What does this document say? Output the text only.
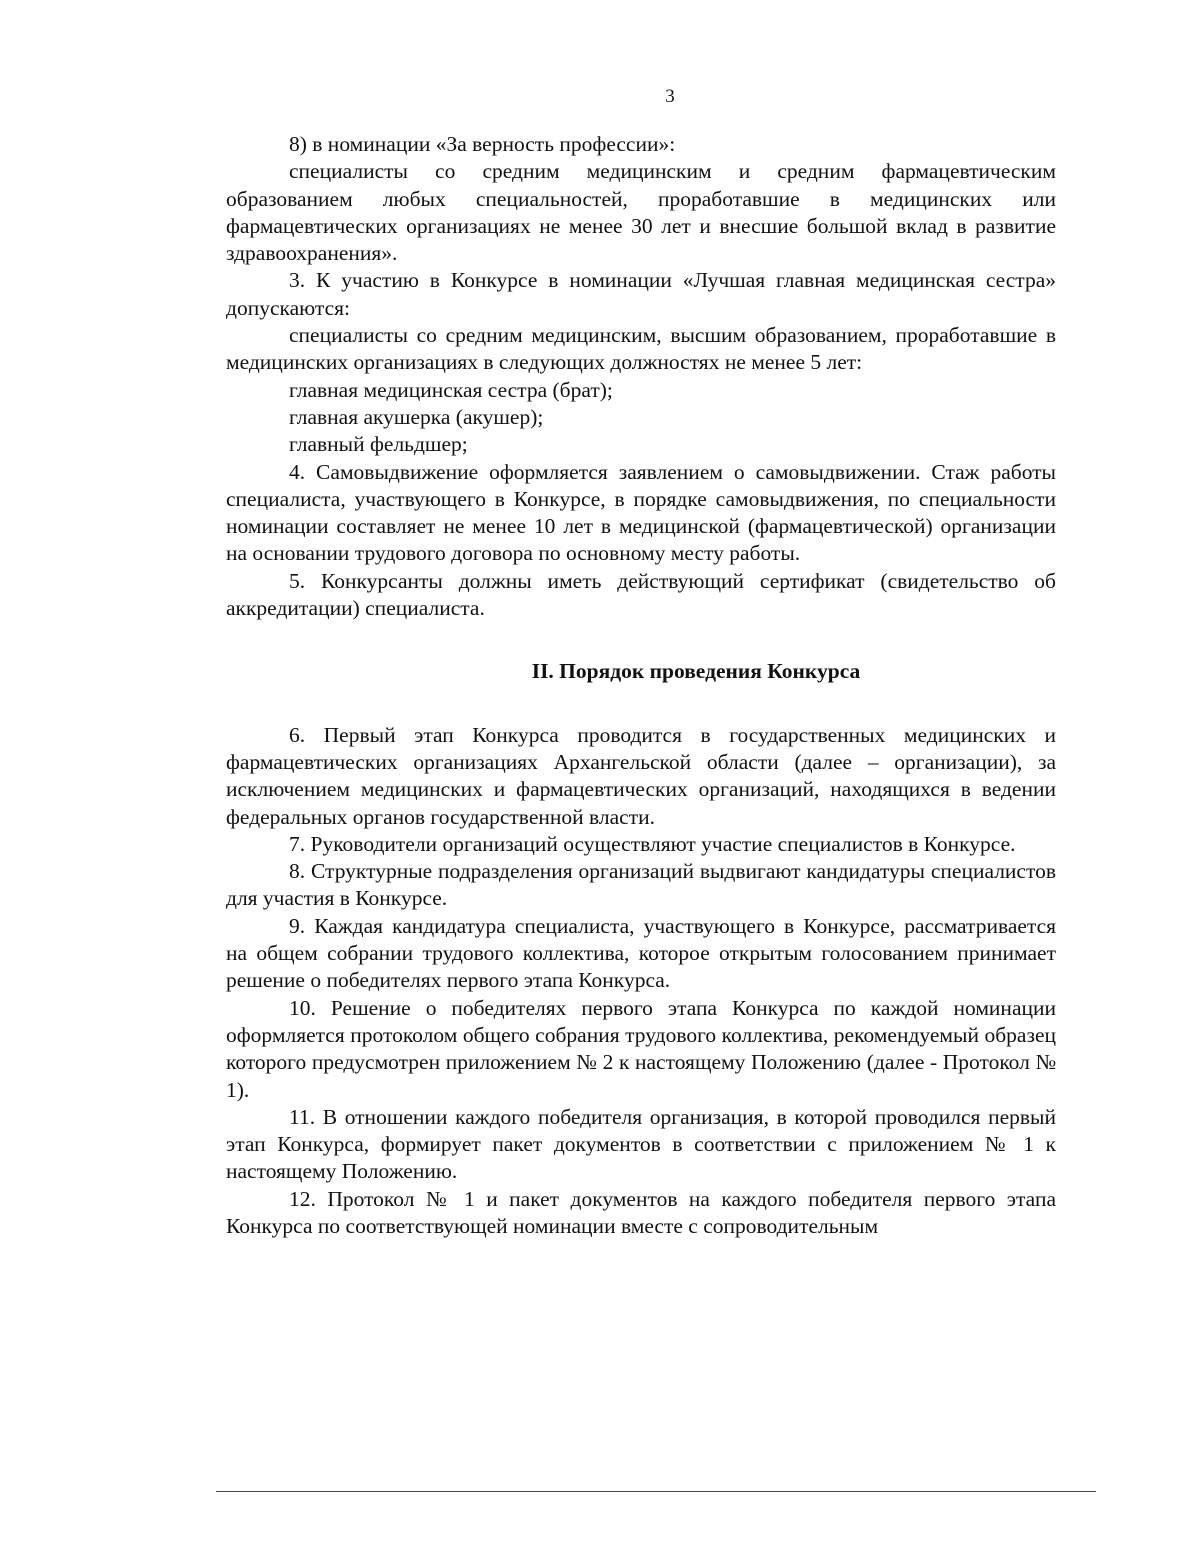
3

8) в номинации «За верность профессии»:

специалисты со средним медицинским и средним фармацевтическим образованием любых специальностей, проработавшие в медицинских или фармацевтических организациях не менее 30 лет и внесшие большой вклад в развитие здравоохранения».

3. К участию в Конкурсе в номинации «Лучшая главная медицинская сестра» допускаются:

специалисты со средним медицинским, высшим образованием, проработавшие в медицинских организациях в следующих должностях не менее 5 лет:

главная медицинская сестра (брат);

главная акушерка (акушер);

главный фельдшер;

4. Самовыдвижение оформляется заявлением о самовыдвижении. Стаж работы специалиста, участвующего в Конкурсе, в порядке самовыдвижения, по специальности номинации составляет не менее 10 лет в медицинской (фармацевтической) организации на основании трудового договора по основному месту работы.

5. Конкурсанты должны иметь действующий сертификат (свидетельство об аккредитации) специалиста.

II. Порядок проведения Конкурса

6. Первый этап Конкурса проводится в государственных медицинских и фармацевтических организациях Архангельской области (далее – организации), за исключением медицинских и фармацевтических организаций, находящихся в ведении федеральных органов государственной власти.

7. Руководители организаций осуществляют участие специалистов в Конкурсе.

8. Структурные подразделения организаций выдвигают кандидатуры специалистов для участия в Конкурсе.

9. Каждая кандидатура специалиста, участвующего в Конкурсе, рассматривается на общем собрании трудового коллектива, которое открытым голосованием принимает решение о победителях первого этапа Конкурса.

10. Решение о победителях первого этапа Конкурса по каждой номинации оформляется протоколом общего собрания трудового коллектива, рекомендуемый образец которого предусмотрен приложением № 2 к настоящему Положению (далее - Протокол № 1).

11. В отношении каждого победителя организация, в которой проводился первый этап Конкурса, формирует пакет документов в соответствии с приложением № 1 к настоящему Положению.

12. Протокол № 1 и пакет документов на каждого победителя первого этапа Конкурса по соответствующей номинации вместе с сопроводительным
